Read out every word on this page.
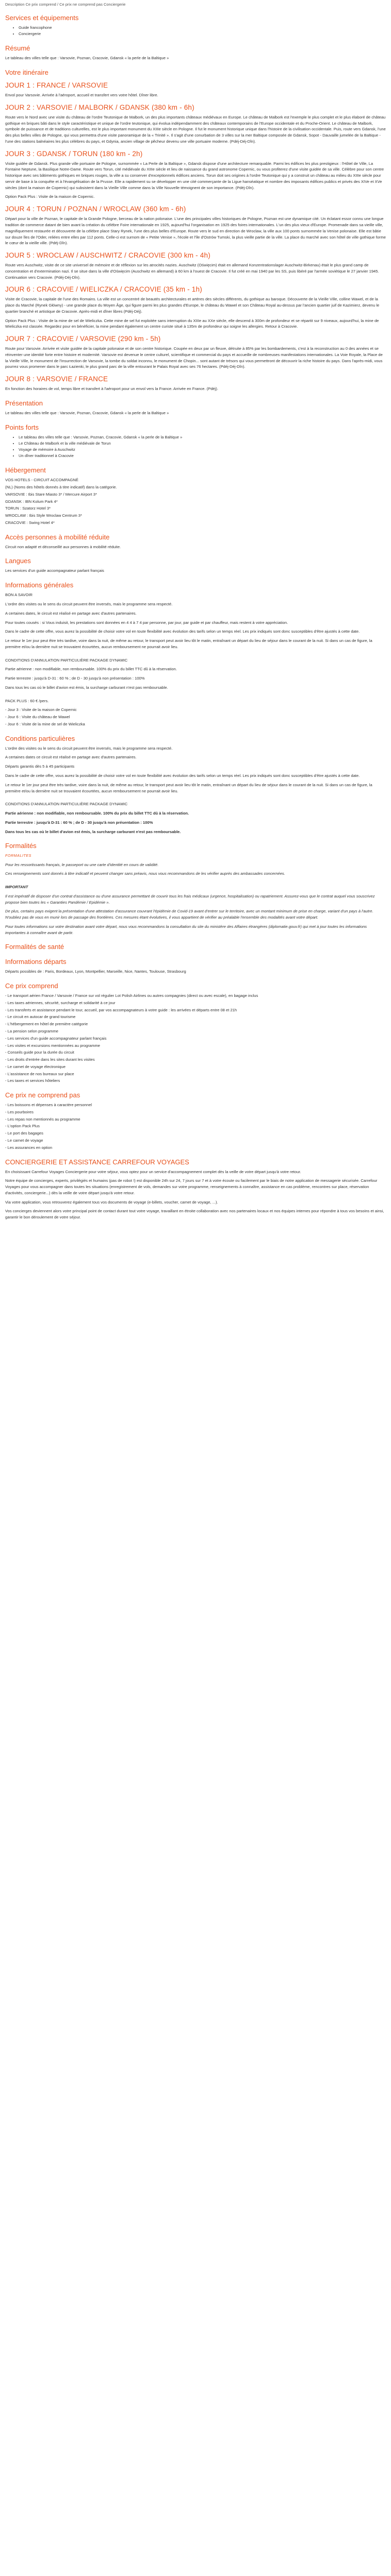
Description Ce prix comprend / Ce prix ne comprend pas Conciergerie
Services et équipements
• Guide francophone
• Conciergerie
Résumé

Le tableau des villes telle que : Varsovie, Poznan, Cracovie, Gdansk « la perle de la Baltique »

Votre itinéraire
JOUR 1 : FRANCE / VARSOVIE

Envol pour Varsovie. Arrivée à l'aéroport, accueil et transfert vers votre hôtel. Dîner libre.

JOUR 2 : VARSOVIE / MALBORK / GDANSK (380 km - 6h)

Route vers le Nord avec une visite du château de l'ordre Teutonique de Malbork, un des plus importants châteaux médiévaux en Europe. Le château de Malbork est l'exemple le plus complet et le plus élaboré de château gothique en briques bâti dans le style caractéristique et unique de l'ordre teutonique, qui évolua indépendamment des châteaux contemporains de l'Europe occidentale et du Proche-Orient. Le château de Malbork, symbole de puissance et de traditions culturelles, est le plus important monument du XIIIe siècle en Pologne. Il fut le monument historique unique dans l'histoire de la civilisation occidentale. Puis, route vers Gdansk, l'une des plus belles villes de Pologne, qui vous permettra d'une visite panoramique de la « Trinité ». Il s'agit d'une conurbation de 3 villes sur la mer Baltique composée de Gdansk, Sopot - Dauvaille jumelée de la Baltique - l'une des stations balnéaires les plus célèbres du pays, et Gdynia, ancien village de pêcheur devenu une ville portuaire moderne. (Pdéj-Déj-Dîn).

JOUR 3 : GDANSK / TORUN (180 km - 2h)

Visite guidée de Gdansk. Plus grande ville portuaire de Pologne, surnommée « La Perle de la Baltique », Gdansk dispose d'une architecture remarquable. Parmi les édifices les plus prestigieux : l'Hôtel de Ville, La Fontaine Neptune, la Basilique Notre-Dame. Route vers Torun, cité médiévale du XIIIe siècle et lieu de naissance du grand astronome Copernic, ou vous profiterez d'une visite guidée de sa ville. Célèbre pour son centre historique avec ses bâtiments gothiques en briques rouges, la ville a su conserver d'exceptionnels édifices anciens. Torun doit ses origines à l'ordre Teutonique qui y a construit un château au milieu du XIIIe siècle pour servir de base à la conquête et à l'évangélisation de la Prusse. Elle a rapidement su se développer en une cité commerçante de la Ligue hanséatique et nombre des imposants édifices publics et privés des XIVe et XVe siècles (dont la maison de Copernic) qui subsistent dans la Vieille Ville comme dans la Ville Nouvelle témoignent de son importance. (Pdéj-Dîn).

Option Pack Plus : Visite de la maison de Copernic.

JOUR 4 : TORUN / POZNAN / WROCLAW (360 km - 6h)

Départ pour la ville de Poznan, le capitale de la Grande Pologne, berceau de la nation polonaise. L'une des principales villes historiques de Pologne, Poznan est une dynamique cité. Un éclatant essor connu une longue tradition de commerce datant de bien avant la création du célèbre Foire internationale en 1925, aujourd'hui l'organisation en 1925 des foires internationales. L'un des plus vieux d'Europe. Promenade dans sa vieille ville, magnifiquement restaurée et découverte de la célèbre place Stary Rynek, l'une des plus belles d'Europe. Route vers le sud en direction de Wroclaw, la ville aux 100 ponts surnommée la Venise polonaise. Elle est bâtie sur douze îles de l'Oder, reliées entre elles par 112 ponts. Celle-ci est surnom de « Petite Venise », l'école et l'île d'Ostrów Tumski, la plus vieille partie de la ville. La place du marché avec son hôtel de ville gothique forme le cœur de la vieille ville. (Pdéj-Dîn).

JOUR 5 : WROCLAW / AUSCHWITZ / CRACOVIE (300 km - 4h)

Route vers Auschwitz, visite de ce site universel de mémoire et de réflexion sur les atrocités nazies. Auschwitz (Oświęcim) était en allemand Konzentrationslager Auschwitz-Birkenau) était le plus grand camp de concentration et d'extermination nazi. Il se situe dans la ville d'Oświęcim (Auschwitz en allemand) à 60 km à l'ouest de Cracovie. Il fut créé en mai 1940 par les SS, puis libéré par l'armée soviétique le 27 janvier 1945. Continuation vers Cracovie. (Pdéj-Déj-Dîn).

JOUR 6 : CRACOVIE / WIELICZKA / CRACOVIE (35 km - 1h)

Visite de Cracovie, la capitale de l'une des Romains. La ville est un concentré de beautés architecturales et artères des siècles différents, du gothique au baroque. Découverte de la Vieille Ville, colline Wawel, et de la place du Marché (Rynek Główny) - une grande place du Moyen Âge, qui figure parmi les plus grandes d'Europe, le château du Wawel et son Château Royal au-dessus par l'ancien quartier juif de Kazimierz, devenu le quartier branché et artistique de Cracovie. Après-midi et dîner libres (Pdéj-Déj).

Option Pack Plus : Visite de la mine de sel de Wieliczka. Cette mine de sel fut exploitée sans interruption du XIIIe au XXe siècle, elle descend à 300m de profondeur et se répartit sur 9 niveaux, aujourd'hui, la mine de Wieliczka est classée. Regardez pour en bénéficier, la mine pendant également un centre curiste situé à 135m de profondeur qui soigne les allergies. Retour à Cracovie.

JOUR 7 : CRACOVIE / VARSOVIE (290 km - 5h)

Route pour Varsovie. Arrivée et visite guidée de la capitale polonaise et de son centre historique. Coupée en deux par un fleuve, détruite à 85% par les bombardements, c'est à la reconstruction au 0 des années et se réinventer une identité forte entre histoire et modernité. Varsovie est devenue le centre culturel, scientifique et commercial du pays et accueille de nombreuses manifestations internationales. La Voie Royale, la Place de la Vieille Ville, le monument de l'Insurrection de Varsovie, la tombe du soldat inconnu, le monument de Chopin... sont autant de trésors qui vous permettront de découvrir la riche histoire du pays. Dans l'après-midi, vous pourrez vous promener dans le parc Łazienki, le plus grand parc de la ville entourant le Palais Royal avec ses 76 hectares. (Pdéj-Déj-Dîn).

JOUR 8 : VARSOVIE / FRANCE

En fonction des horaires de vol, temps libre et transfert à l'aéroport pour un envol vers la France. Arrivée en France. (Pdéj).

Présentation

Le tableau des villes telle que : Varsovie, Poznan, Cracovie, Gdansk « la perle de la Baltique »

Points forts
• Le tableau des villes telle que : Varsovie, Poznan, Cracovie, Gdansk « la perle de la Baltique »
• Le Château de Malbork et la ville médiévale de Torun
• Voyage de mémoire à Auschwitz
• Un dîner traditionnel à Cracovie
Hébergement

VOS HOTELS - CIRCUIT ACCOMPAGNÉ

(NL) (Noms des hôtels donnés à titre indicatif) dans la catégorie.

VARSOVIE : Ibis Stare Miasto 3* / Mercure Airport 3*

GDANSK : IBN Kolum Park 4*

TORUN : Szatorz Hotel 3*

WROCLAW : Ibis Style Wroclaw Centrum 3*

CRACOVIE : Swing Hotel 4*

Accès personnes à mobilité réduite

Circuit non adapté et déconseillé aux personnes à mobilité réduite.

Langues

Les services d'un guide accompagnateur parlant français

Informations générales

BON A SAVOIR

L'ordre des visites ou le sens du circuit peuvent être inversés, mais le programme sera respecté.

A certaines dates, le circuit est réalisé en partage avec d'autres partenaires.

Pour toutes cousés : si Vous induisit, les prestations sont données en 4 4 à 7 4 par personne, par jour, par guide et par chauffeur, mais restent à votre appréciation.

Dans le cadre de cette offre, vous aurez la possibilité de choisir votre vol en toute flexibilité avec évolution des tarifs selon un temps réel. Les prix indiqués sont donc susceptibles d'être ajustés à cette date.

Le retour le 1er jour peut être très tardive, voire dans la nuit, de même au retour, le transport peut avoir lieu tôt le matin, entraînant un départ du lieu de séjour dans le courant de la nuit. Si dans un cas de figure, la première et/ou la dernière nuit se trouvaient écourtées, aucun remboursement ne pourrait avoir lieu.

CONDITIONS D'ANNULATION PARTICULIÈRE PACKAGE DYNAMIC

Partie aérienne : non modifiable, non remboursable. 100% du prix du billet TTC dû à la réservation.

Partie terrestre : jusqu'à D-31 : 60 % ; de D - 30 jusqu'à non présentation : 100%

Dans tous les cas où le billet d'avion est émis, la surcharge carburant n'est pas remboursable.

PACK PLUS : 60 € /pers.

- Jour 3 : Visite de la maison de Copernic

- Jour 6 : Visite du château de Wawel

- Jour 6 : Visite de la mine de sel de Wieliczka

Conditions particulières

L'ordre des visites ou le sens du circuit peuvent être inversés, mais le programme sera respecté.

A certaines dates ce circuit est réalisé en partage avec d'autres partenaires.

Départs garantis dès 5 à 45 participants

Dans le cadre de cette offre, vous aurez la possibilité de choisir votre vol en toute flexibilité avec évolution des tarifs selon un temps réel. Les prix indiqués sont donc susceptibles d'être ajustés à cette date.

Le retour le 1er jour peut être très tardive, voire dans la nuit, de même au retour, le transport peut avoir lieu tôt le matin, entraînant un départ du lieu de séjour dans le courant de la nuit. Si dans un cas de figure, la première et/ou la dernière nuit se trouvaient écourtées, aucun remboursement ne pourrait avoir lieu.

CONDITIONS D'ANNULATION PARTICULIÈRE PACKAGE DYNAMIC

Partie aérienne : non modifiable, non remboursable. 100% du prix du billet TTC dû à la réservation.

Partie terrestre : jusqu'à D-31 : 60 % ; de D - 30 jusqu'à non présentation : 100%

Dans tous les cas où le billet d'avion est émis, la surcharge carburant n'est pas remboursable.

Formalités

FORMALITES

Pour les ressortissants français, le passeport ou une carte d'identité en cours de validité.

Ces renseignements sont donnés à titre indicatif et peuvent changer sans préavis, nous vous recommandons de les vérifier auprès des ambassades concernées.

IMPORTANT

Il est impératif de disposer d'un contrat d'assistance ou d'une assurance permettant de couvrir tous les frais médicaux (urgence, hospitalisation) ou rapatriement. Assurez-vous que le contrat auquel vous souscrivez propose bien toutes les « Garanties Pandémie / Epidémie ».

De plus, certains pays exigent la présentation d'une attestation d'assurance couvrant l'épidémie de Covid-19 avant d'entrer sur le territoire, avec un montant minimum de prise en charge, variant d'un pays à l'autre. N'oubliez pas de vous en munir lors de passage des frontières. Ces mesures étant évolutives, il vous appartient de vérifier au préalable l'ensemble des modalités avant votre départ.

Pour toutes informations sur votre destination avant votre départ, nous vous recommandons la consultation du site du ministère des Affaires étrangères (diplomatie.gouv.fr) qui met à jour toutes les informations importantes à connaître avant de partir.

Formalités de santé
Informations départs

Départs possibles de : Paris, Bordeaux, Lyon, Montpellier, Marseille, Nice, Nantes, Toulouse, Strasbourg

Ce prix comprend

- Le transport aérien France / Varsovie / France sur vol régulier Lot Polish Airlines ou autres compagnies (direct ou avec escale), en bagage inclus

- Les taxes aériennes, sécurité, surcharge et solidarité à ce jour

- Les transferts et assistance pendant le tour, accueil, par vos accompagnateurs à votre guide : les arrivées et départs entre 08 et 21h

- Le circuit en autocar de grand tourisme

- L'hébergement en hôtel de première catégorie

- La pension selon programme

- Les services d'un guide accompagnateur parlant français

- Les visites et excursions mentionnées au programme

- Conseils guide pour la durée du circuit

- Les droits d'entrée dans les sites durant les visites

- Le carnet de voyage électronique

- L'assistance de nos bureaux sur place

- Les taxes et services hôteliers

Ce prix ne comprend pas

- Les boissons et dépenses à caractère personnel

- Les pourboires

- Les repas non mentionnés au programme

- L'option Pack Plus

- Le port des bagages

- Le carnet de voyage

- Les assurances en option

CONCIERGERIE ET ASSISTANCE CARREFOUR VOYAGES

En choisissant Carrefour Voyages Conciergerie pour votre séjour, vous optez pour un service d'accompagnement complet dès la veille de votre départ jusqu'à votre retour.

Notre équipe de concierges, experts, privilégiés et humains (pas de robot !) est disponible 24h sur 24, 7 jours sur 7 et à votre écoute ou facilement par le biais de notre application de messagerie sécurisée. Carrefour Voyages pour vous accompagner dans toutes les situations (enregistrement de vols, demandes sur votre programme, renseignements à connaître, assistance en cas problème, rencontres sur place, réservation d'activités, conciergerie...) dès la veille de votre départ jusqu'à votre retour.

Via votre application, vous retrouverez également tous vos documents de voyage (e-billets, voucher, carnet de voyage, ...).

Vos concierges deviennent alors votre principal point de contact durant tout votre voyage, travaillant en étroite collaboration avec nos partenaires locaux et nos équipes internes pour répondre à tous vos besoins et ainsi, garantir le bon déroulement de votre séjour.
